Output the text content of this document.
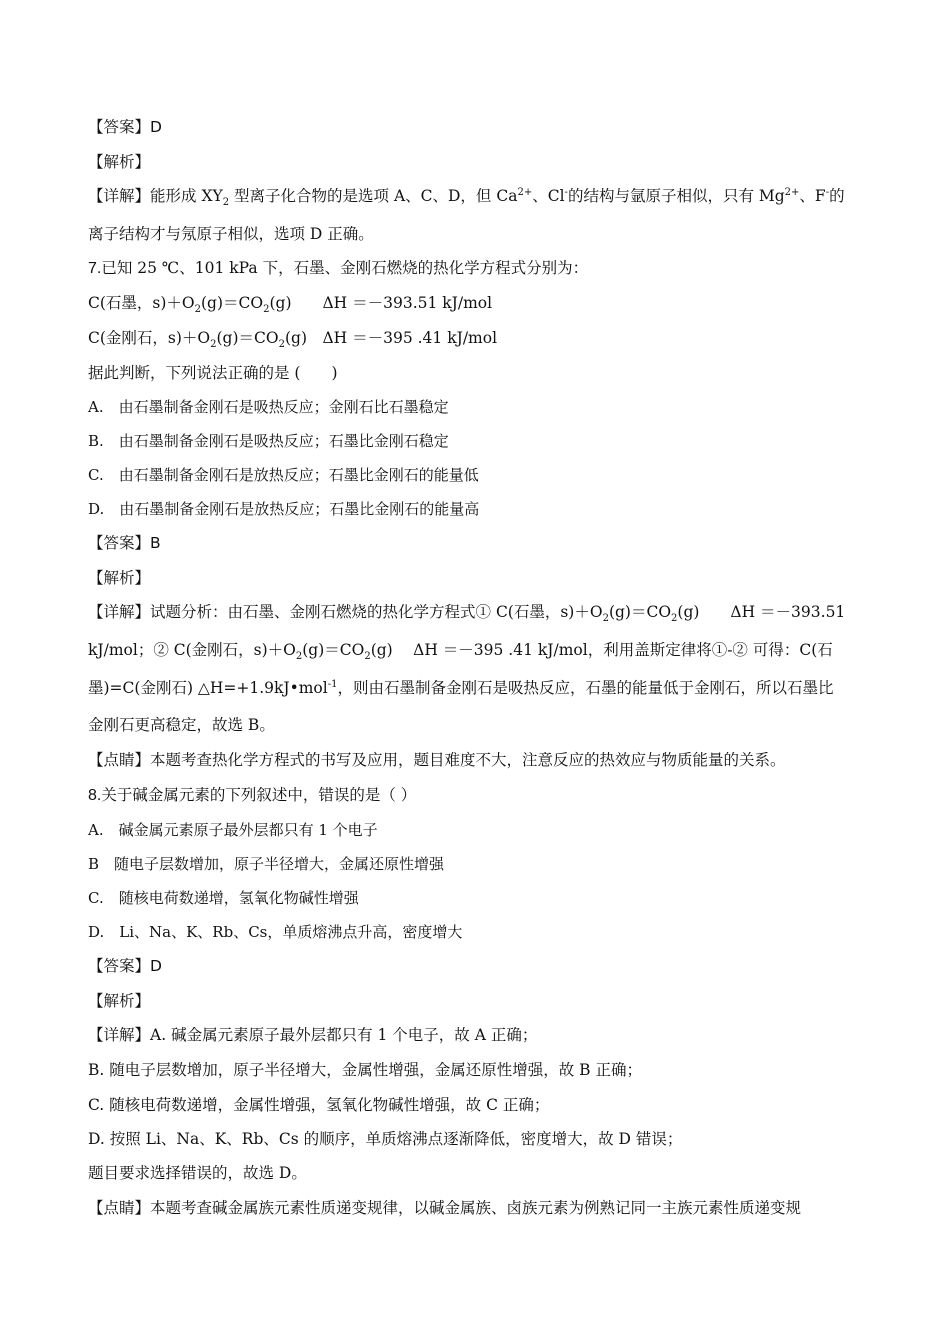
【答案】D
【解析】
【详解】能形成 $XY_2$ 型离子化合物的是选项 A、C、D，但 $Ca^{2+}$、Cl-的结构与氩原子相似，只有 $Mg^{2+}$、F-的
离子结构才与氖原子相似，选项 D 正确。
7.已知 25 ℃、101 kPa 下，石墨、金刚石燃烧的热化学方程式分别为：
C(石墨，$s)+O_2(g)=CO_2(g)$　　ΔH ＝－393.51 kJ/mol
C(金刚石，$s)+O_2(g)=CO_2(g)$　ΔH ＝－395 .41 kJ/mol
据此判断，下列说法正确的是 (　　)
A.　由石墨制备金刚石是吸热反应；金刚石比石墨稳定
B.　由石墨制备金刚石是吸热反应；石墨比金刚石稳定
C.　由石墨制备金刚石是放热反应；石墨比金刚石的能量低
D.　由石墨制备金刚石是放热反应；石墨比金刚石的能量高
【答案】B
【解析】
【详解】试题分析：由石墨、金刚石燃烧的热化学方程式① C(石墨，$s)+O_2(g)=CO_2(g)$　　ΔH ＝－393.51
kJ/mol；② C(金刚石，$s)+O_2(g)=CO_2(g)$　 ΔH ＝－395 .41 kJ/mol，利用盖斯定律将①-② 可得：C(石
墨)=C(金刚石) △H=+1.9kJ•mol$^{-1}$，则由石墨制备金刚石是吸热反应，石墨的能量低于金刚石，所以石墨比
金刚石更高稳定，故选 B。
【点睛】本题考查热化学方程式的书写及应用，题目难度不大，注意反应的热效应与物质能量的关系。
8.关于碱金属元素的下列叙述中，错误的是（ ）
A.　碱金属元素原子最外层都只有 1 个电子
B　随电子层数增加，原子半径增大，金属还原性增强
C.　随核电荷数递增，氢氧化物碱性增强
D.　Li、Na、K、Rb、Cs，单质熔沸点升高，密度增大
【答案】D
【解析】
【详解】A. 碱金属元素原子最外层都只有 1 个电子，故 A 正确；
B. 随电子层数增加，原子半径增大，金属性增强，金属还原性增强，故 B 正确；
C. 随核电荷数递增，金属性增强，氢氧化物碱性增强，故 C 正确；
D. 按照 Li、Na、K、Rb、Cs 的顺序，单质熔沸点逐渐降低，密度增大，故 D 错误；
题目要求选择错误的，故选 D。
【点睛】本题考查碱金属族元素性质递变规律，以碱金属族、卤族元素为例熟记同一主族元素性质递变规
